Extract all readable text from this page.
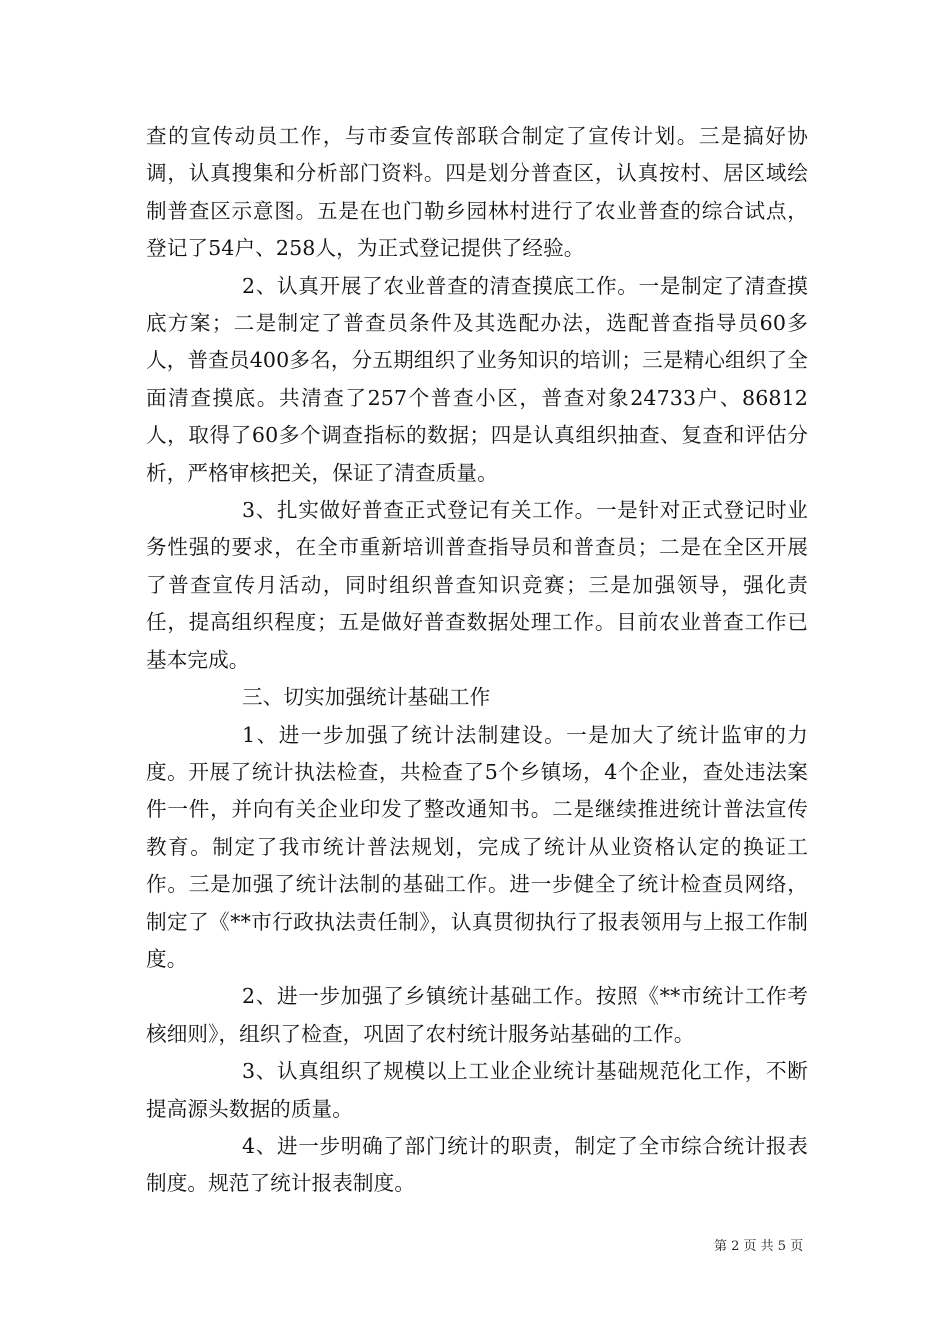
查的宣传动员工作，与市委宣传部联合制定了宣传计划。三是搞好协调，认真搜集和分析部门资料。四是划分普查区，认真按村、居区域绘制普查区示意图。五是在也门勒乡园林村进行了农业普查的综合试点，登记了54户、258人，为正式登记提供了经验。

2、认真开展了农业普查的清查摸底工作。一是制定了清查摸底方案；二是制定了普查员条件及其选配办法，选配普查指导员60多人，普查员400多名，分五期组织了业务知识的培训；三是精心组织了全面清查摸底。共清查了257个普查小区，普查对象24733户、86812人，取得了60多个调查指标的数据；四是认真组织抽查、复查和评估分析，严格审核把关，保证了清查质量。

3、扎实做好普查正式登记有关工作。一是针对正式登记时业务性强的要求，在全市重新培训普查指导员和普查员；二是在全区开展了普查宣传月活动，同时组织普查知识竞赛；三是加强领导，强化责任，提高组织程度；五是做好普查数据处理工作。目前农业普查工作已基本完成。

三、切实加强统计基础工作

1、进一步加强了统计法制建设。一是加大了统计监审的力度。开展了统计执法检查，共检查了5个乡镇场，4个企业，查处违法案件一件，并向有关企业印发了整改通知书。二是继续推进统计普法宣传教育。制定了我市统计普法规划，完成了统计从业资格认定的换证工作。三是加强了统计法制的基础工作。进一步健全了统计检查员网络，制定了《**市行政执法责任制》，认真贯彻执行了报表领用与上报工作制度。

2、进一步加强了乡镇统计基础工作。按照《**市统计工作考核细则》，组织了检查，巩固了农村统计服务站基础的工作。

3、认真组织了规模以上工业企业统计基础规范化工作，不断提高源头数据的质量。

4、进一步明确了部门统计的职责，制定了全市综合统计报表制度。规范了统计报表制度。

第 2 页 共 5 页
